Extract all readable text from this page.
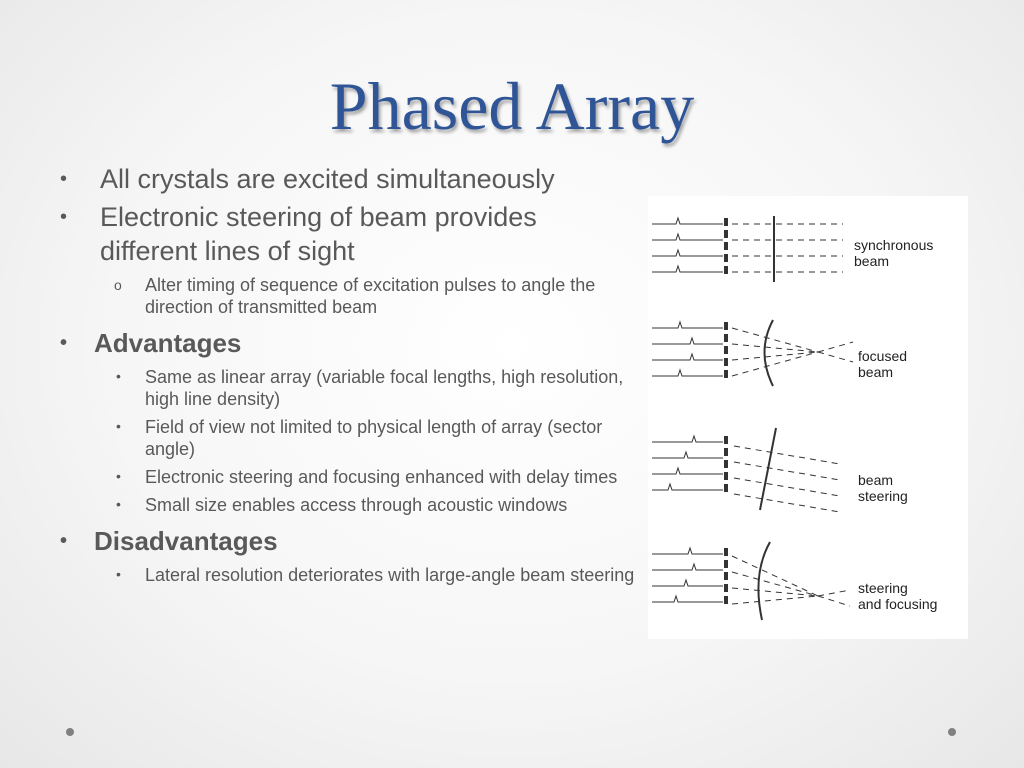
Phased Array
• All crystals are excited simultaneously
• Electronic steering of beam provides different lines of sight
o Alter timing of sequence of excitation pulses to angle the direction of transmitted beam
• Advantages
• Same as linear array (variable focal lengths, high resolution, high line density)
• Field of view not limited to physical length of array (sector angle)
• Electronic steering and focusing enhanced with delay times
• Small size enables access through acoustic windows
• Disadvantages
• Lateral resolution deteriorates with large-angle beam steering
synchronous
beam
focused
beam
beam
steering
steering
and focusing
